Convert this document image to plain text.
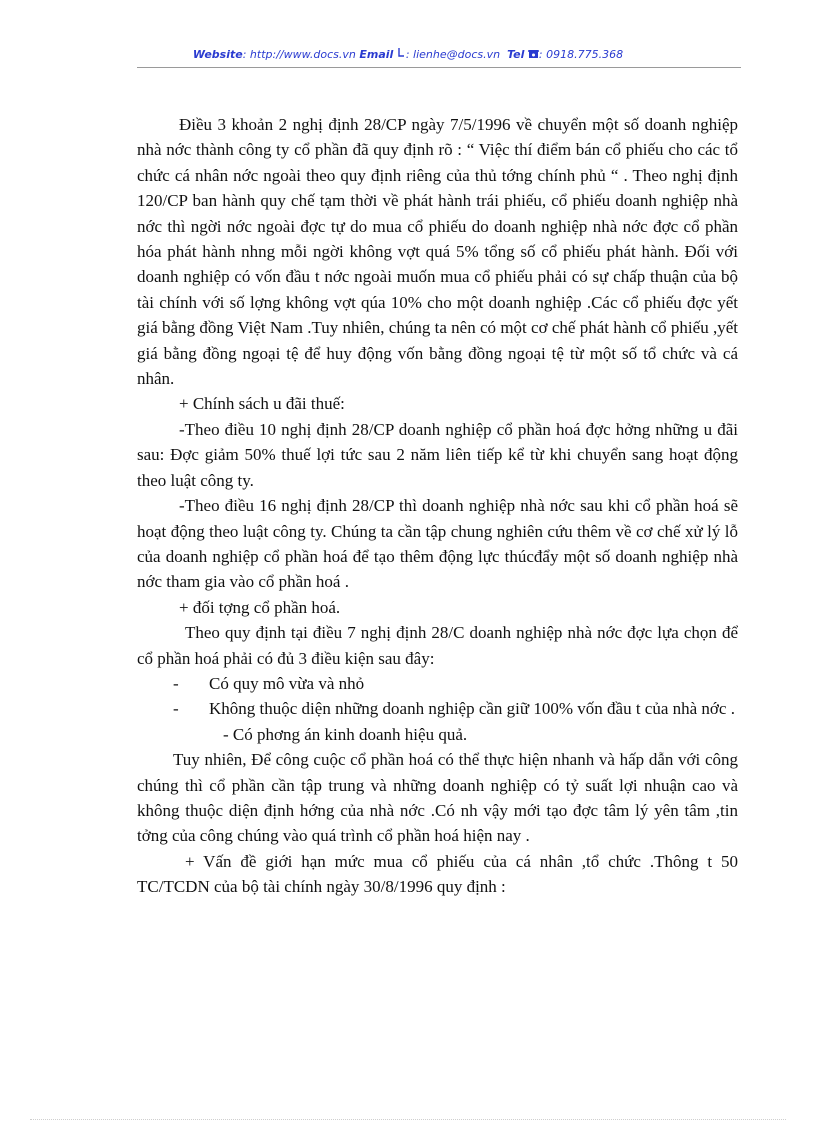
Website: http://www.docs.vn Email : lienhe@docs.vn Tel : 0918.775.368

Điều 3 khoản 2 nghị định 28/CP ngày 7/5/1996 về chuyển một số doanh nghiệp nhà nớc thành công ty cổ phần đã quy định rõ : “ Việc thí điểm bán cổ phiếu cho các tổ chức cá nhân nớc ngoài theo quy định riêng của thủ tớng chính phủ “ . Theo nghị định 120/CP ban hành quy chế tạm thời về phát hành trái phiếu, cổ phiếu doanh nghiệp nhà nớc thì ngời nớc ngoài đợc tự do mua cổ phiếu do doanh nghiệp nhà nớc đợc cổ phần hóa phát hành nhng mỗi ngời không vợt quá 5% tổng số cổ phiếu phát hành. Đối với doanh nghiệp có vốn đầu t nớc ngoài muốn mua cổ phiếu phải có sự chấp thuận của bộ tài chính với số lợng không vợt qúa 10% cho một doanh nghiệp .Các cổ phiếu đợc yết giá bằng đồng Việt Nam .Tuy nhiên, chúng ta nên có một cơ chế phát hành cổ phiếu ,yết giá bằng đồng ngoại tệ để huy động vốn bằng đồng ngoại tệ từ một số tổ chức và cá nhân.

+ Chính sách u đãi thuế:

-Theo điều 10 nghị định 28/CP doanh nghiệp cổ phần hoá đợc hởng những u đãi sau: Đợc giảm 50% thuế lợi tức sau 2 năm liên tiếp kể từ khi chuyển sang hoạt động theo luật công ty.

-Theo điều 16 nghị định 28/CP thì doanh nghiệp nhà nớc sau khi cổ phần hoá sẽ hoạt động theo luật công ty. Chúng ta cần tập chung nghiên cứu thêm về cơ chế xử lý lỗ của doanh nghiệp cổ phần hoá để tạo thêm động lực thúcđẩy một số doanh nghiệp nhà nớc tham gia vào cổ phần hoá .

+ đối tợng cổ phần hoá.

Theo quy định tại điều 7 nghị định 28/C doanh nghiệp nhà nớc đợc lựa chọn để cổ phần hoá phải có đủ 3 điều kiện sau đây:

- Có quy mô vừa và nhỏ

- Không thuộc diện những doanh nghiệp cần giữ 100% vốn đầu t của nhà nớc .

- Có phơng án kinh doanh hiệu quả.

Tuy nhiên, Để công cuộc cổ phần hoá có thể thực hiện nhanh và hấp dẫn với công chúng thì cổ phần cần tập trung và những doanh nghiệp có tỷ suất lợi nhuận cao và không thuộc diện định hớng của nhà nớc .Có nh vậy mới tạo đợc tâm lý yên tâm ,tin tởng của công chúng vào quá trình cổ phần hoá hiện nay .

+ Vấn đề giới hạn mức mua cổ phiếu của cá nhân ,tổ chức .Thông t 50 TC/TCDN của bộ tài chính ngày 30/8/1996 quy định :
